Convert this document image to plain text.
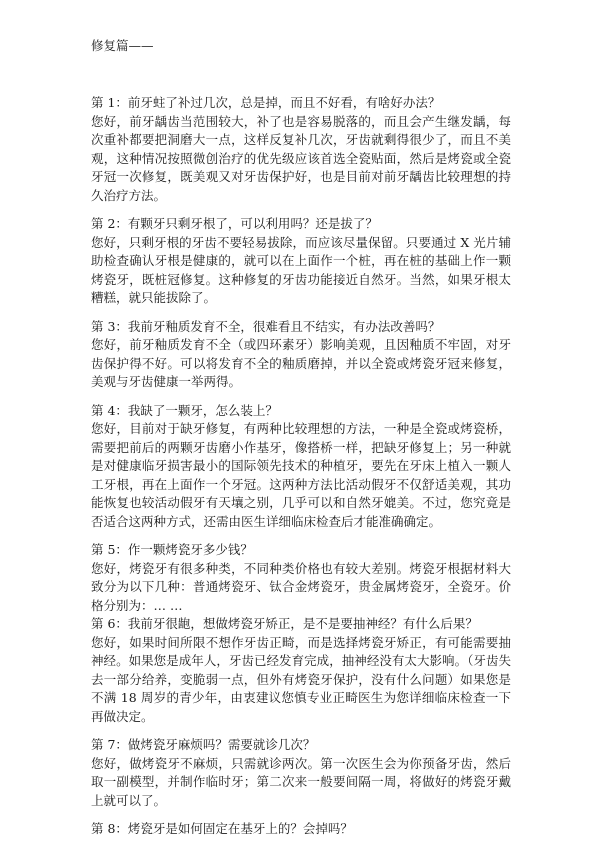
修复篇——

第 1：前牙蛀了补过几次，总是掉，而且不好看，有啥好办法？

您好，前牙龋齿当范围较大，补了也是容易脱落的，而且会产生继发龋，每次重补都要把洞磨大一点，这样反复补几次，牙齿就剩得很少了，而且不美观，这种情况按照微创治疗的优先级应该首选全瓷贴面，然后是烤瓷或全瓷牙冠一次修复，既美观又对牙齿保护好，也是目前对前牙龋齿比较理想的持久治疗方法。

第 2：有颗牙只剩牙根了，可以利用吗？还是拔了？

您好，只剩牙根的牙齿不要轻易拔除，而应该尽量保留。只要通过 X 光片辅助检查确认牙根是健康的，就可以在上面作一个桩，再在桩的基础上作一颗烤瓷牙，既桩冠修复。这种修复的牙齿功能接近自然牙。当然，如果牙根太糟糕，就只能拔除了。

第 3：我前牙釉质发育不全，很难看且不结实，有办法改善吗？

您好，前牙釉质发育不全（或四环素牙）影响美观，且因釉质不牢固，对牙齿保护得不好。可以将发育不全的釉质磨掉，并以全瓷或烤瓷牙冠来修复，美观与牙齿健康一举两得。

第 4：我缺了一颗牙，怎么装上？

您好，目前对于缺牙修复，有两种比较理想的方法，一种是全瓷或烤瓷桥，需要把前后的两颗牙齿磨小作基牙，像搭桥一样，把缺牙修复上；另一种就是对健康临牙损害最小的国际领先技术的种植牙，要先在牙床上植入一颗人工牙根，再在上面作一个牙冠。这两种方法比活动假牙不仅舒适美观，其功能恢复也较活动假牙有天壤之别，几乎可以和自然牙媲美。不过，您究竟是否适合这两种方式，还需由医生详细临床检查后才能准确确定。

第 5：作一颗烤瓷牙多少钱？

您好，烤瓷牙有很多种类，不同种类价格也有较大差别。烤瓷牙根据材料大致分为以下几种：普通烤瓷牙、钛合金烤瓷牙，贵金属烤瓷牙，全瓷牙。价格分别为：… …

第 6：我前牙很龅，想做烤瓷牙矫正，是不是要抽神经？有什么后果？

您好，如果时间所限不想作牙齿正畸，而是选择烤瓷牙矫正，有可能需要抽神经。如果您是成年人，牙齿已经发育完成，抽神经没有太大影响。（牙齿失去一部分给养，变脆弱一点，但外有烤瓷牙保护，没有什么问题）如果您是不满 18 周岁的青少年，由衷建议您慎专业正畸医生为您详细临床检查一下再做决定。

第 7：做烤瓷牙麻烦吗？需要就诊几次？

您好，做烤瓷牙不麻烦，只需就诊两次。第一次医生会为你预备牙齿，然后取一副模型，并制作临时牙；第二次来一般要间隔一周，将做好的烤瓷牙戴上就可以了。

第 8：烤瓷牙是如何固定在基牙上的？会掉吗？
